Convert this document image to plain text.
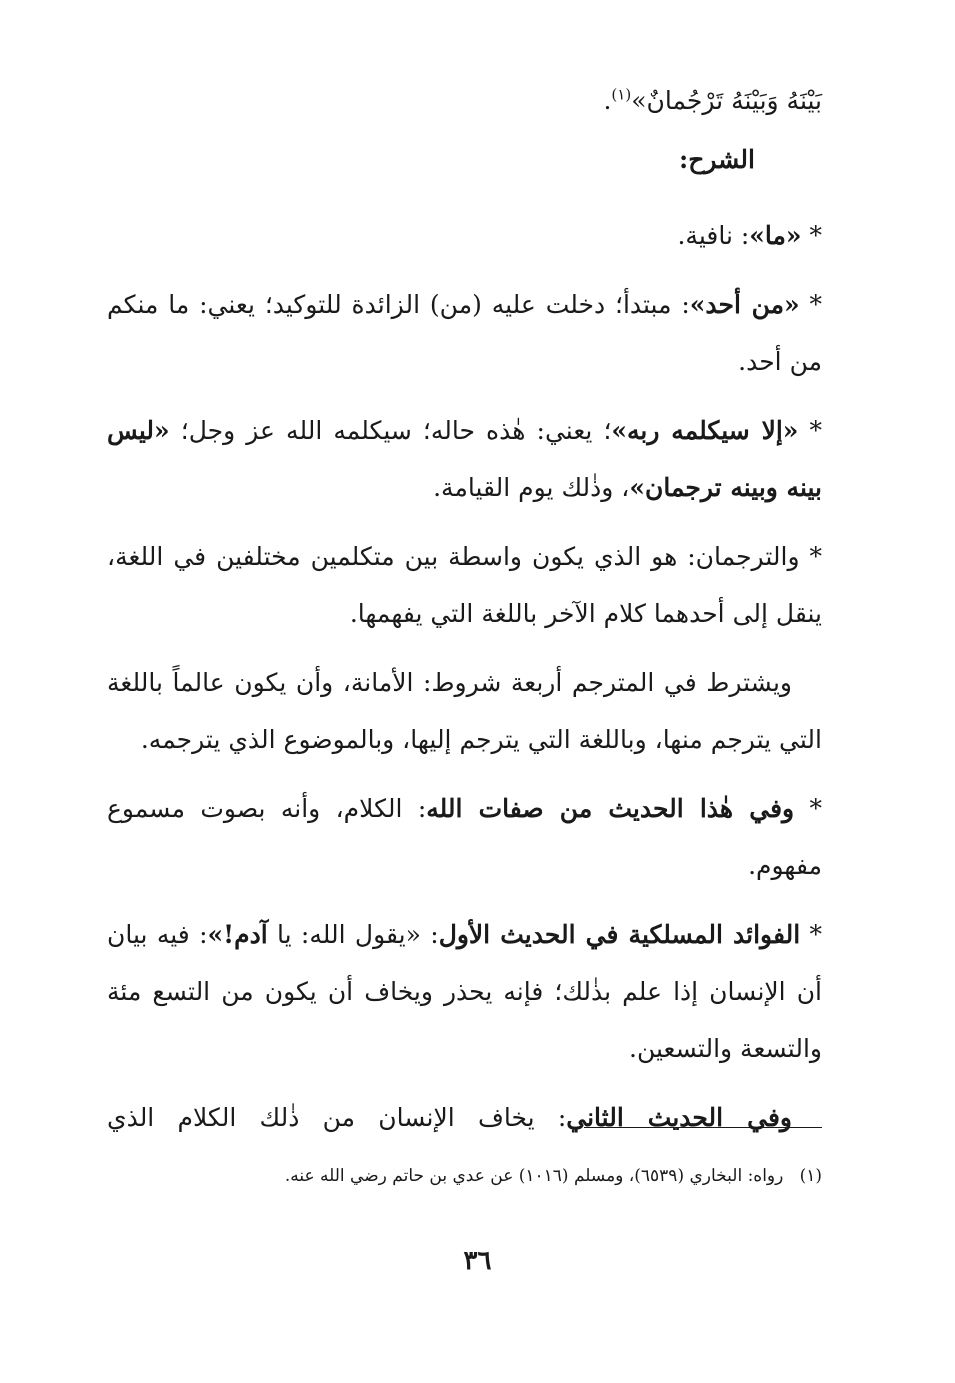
بَيْنَهُ وَبَيْنَهُ تَرْجُمانٌ»$^{(١)}$.

الشرح:

* «ما»: نافية.

* «من أحد»: مبتدأ؛ دخلت عليه (من) الزائدة للتوكيد؛ يعني: ما منكم من أحد.

* «إلا سيكلمه ربه»؛ يعني: هٰذه حاله؛ سيكلمه الله عز وجل؛ «ليس بينه وبينه ترجمان»، وذٰلك يوم القيامة.

* والترجمان: هو الذي يكون واسطة بين متكلمين مختلفين في اللغة، ينقل إلى أحدهما كلام الآخر باللغة التي يفهمها.

ويشترط في المترجم أربعة شروط: الأمانة، وأن يكون عالماً باللغة التي يترجم منها، وباللغة التي يترجم إليها، وبالموضوع الذي يترجمه.

* وفي هٰذا الحديث من صفات الله: الكلام، وأنه بصوت مسموع مفهوم.

* الفوائد المسلكية في الحديث الأول: «يقول الله: يا آدم!»: فيه بيان أن الإنسان إذا علم بذٰلك؛ فإنه يحذر ويخاف أن يكون من التسع مئة والتسعة والتسعين.

وفي الحديث الثاني: يخاف الإنسان من ذٰلك الكلام الذي

(١)   رواه: البخاري (٦٥٣٩)، ومسلم (١٠١٦) عن عدي بن حاتم رضي الله عنه.
٣٦
